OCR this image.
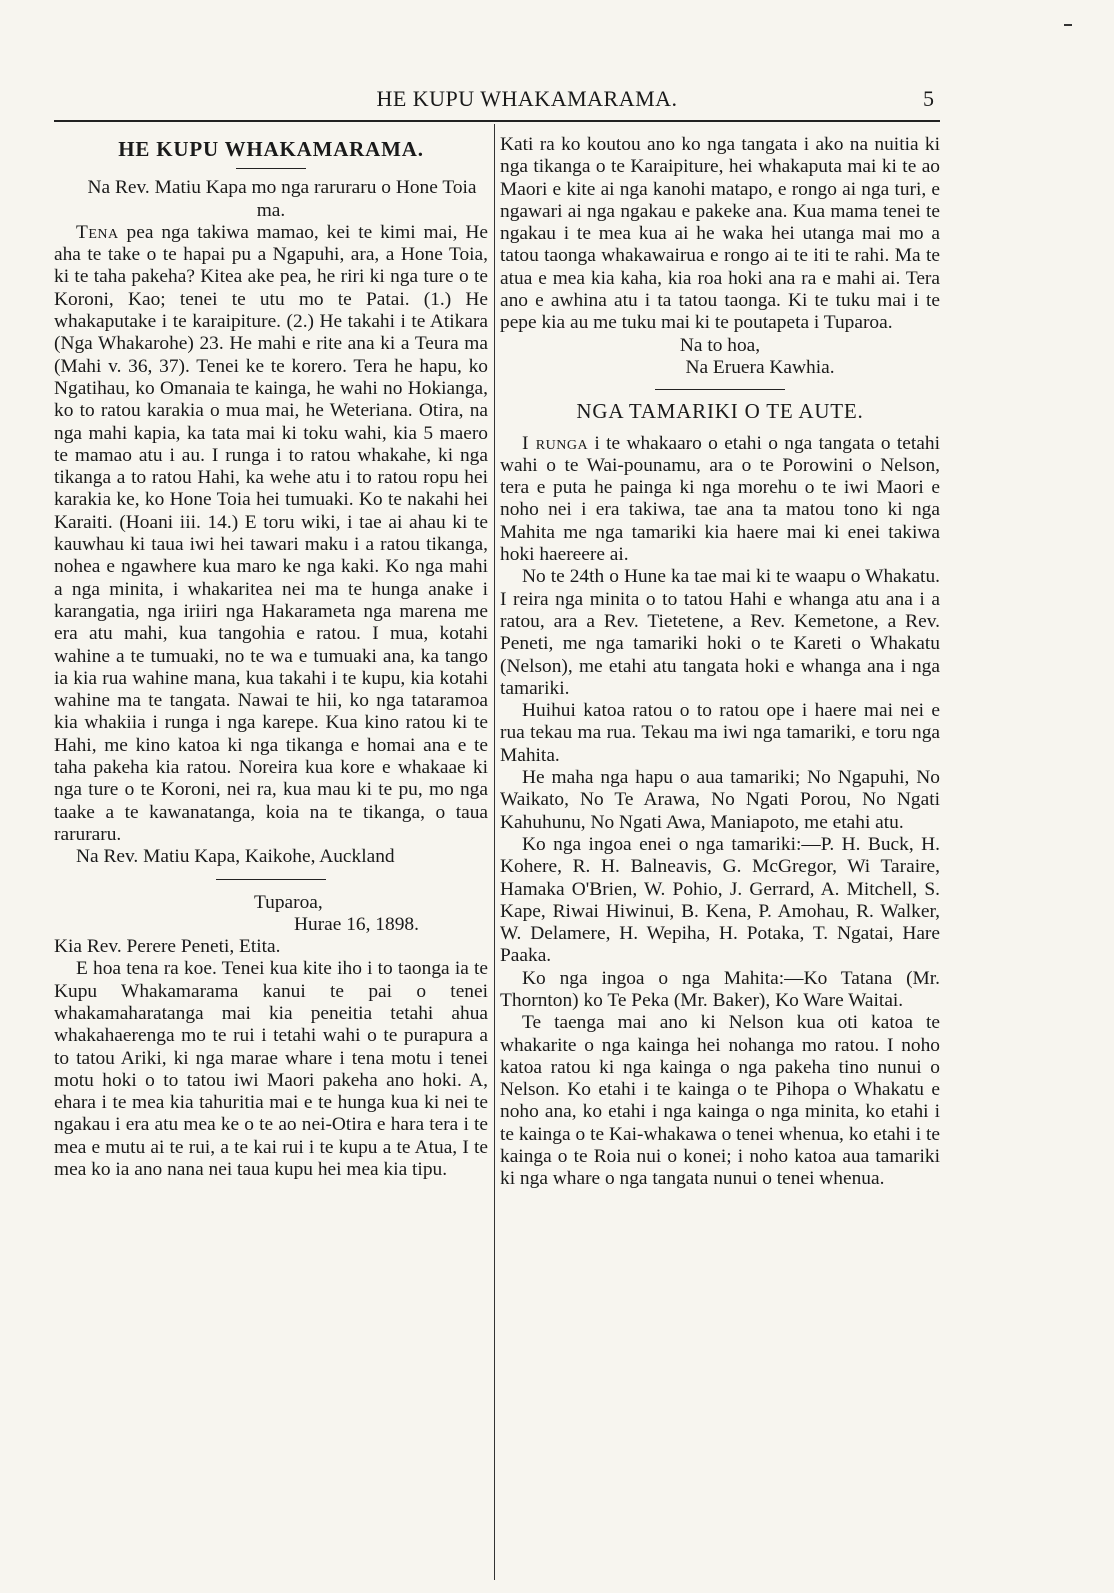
HE KUPU WHAKAMARAMA.	5
HE KUPU WHAKAMARAMA.

Na Rev. Matiu Kapa mo nga raruraru o Hone Toia ma.

Tena pea nga takiwa mamao, kei te kimi mai, He aha te take o te hapai pu a Ngapuhi, ara, a Hone Toia, ki te taha pakeha? Kitea ake pea, he riri ki nga ture o te Koroni, Kao; tenei te utu mo te Patai. (1.) He whakaputake i te karaipiture. (2.) He takahi i te Atikara (Nga Whakarohe) 23. He mahi e rite ana ki a Teura ma (Mahi v. 36, 37). Tenei ke te korero. Tera he hapu, ko Ngatihau, ko Omanaia te kainga, he wahi no Hokianga, ko to ratou karakia o mua mai, he Weteriana. Otira, na nga mahi kapia, ka tata mai ki toku wahi, kia 5 maero te mamao atu i au. I runga i to ratou whakahe, ki nga tikanga a to ratou Hahi, ka wehe atu i to ratou ropu hei karakia ke, ko Hone Toia hei tumuaki. Ko te nakahi hei Karaiti. (Hoani iii. 14.) E toru wiki, i tae ai ahau ki te kauwhau ki taua iwi hei tawari maku i a ratou tikanga, nohea e ngawhere kua maro ke nga kaki. Ko nga mahi a nga minita, i whakaritea nei ma te hunga anake i karangatia, nga iriiri nga Hakarameta nga marena me era atu mahi, kua tangohia e ratou. I mua, kotahi wahine a te tumuaki, no te wa e tumuaki ana, ka tango ia kia rua wahine mana, kua takahi i te kupu, kia kotahi wahine ma te tangata. Nawai te hii, ko nga tataramoa kia whakiia i runga i nga karepe. Kua kino ratou ki te Hahi, me kino katoa ki nga tikanga e homai ana e te taha pakeha kia ratou. Noreira kua kore e whakaae ki nga ture o te Koroni, nei ra, kua mau ki te pu, mo nga taake a te kawanatanga, koia na te tikanga, o taua raruraru.

Na Rev. Matiu Kapa, Kaikohe, Auckland

Tuparoa,

Hurae 16, 1898.

Kia Rev. Perere Peneti, Etita.

E hoa tena ra koe. Tenei kua kite iho i to taonga ia te Kupu Whakamarama kanui te pai o tenei whakamaharatanga mai kia peneitia tetahi ahua whakahaerenga mo te rui i tetahi wahi o te purapura a to tatou Ariki, ki nga marae whare i tena motu i tenei motu hoki o to tatou iwi Maori pakeha ano hoki. A, ehara i te mea kia tahuritia mai e te hunga kua ki nei te ngakau i era atu mea ke o te ao nei-Otira e hara tera i te mea e mutu ai te rui, a te kai rui i te kupu a te Atua, I te mea ko ia ano nana nei taua kupu hei mea kia tipu.

Kati ra ko koutou ano ko nga tangata i ako na nuitia ki nga tikanga o te Karaipiture, hei whakaputa mai ki te ao Maori e kite ai nga kanohi matapo, e rongo ai nga turi, e ngawari ai nga ngakau e pakeke ana. Kua mama tenei te ngakau i te mea kua ai he waka hei utanga mai mo a tatou taonga whakawairua e rongo ai te iti te rahi. Ma te atua e mea kia kaha, kia roa hoki ana ra e mahi ai. Tera ano e awhina atu i ta tatou taonga. Ki te tuku mai i te pepe kia au me tuku mai ki te poutapeta i Tuparoa.

Na to hoa,

Na Eruera Kawhia.

NGA TAMARIKI O TE AUTE.

I runga i te whakaaro o etahi o nga tangata o tetahi wahi o te Wai-pounamu, ara o te Porowini o Nelson, tera e puta he painga ki nga morehu o te iwi Maori e noho nei i era takiwa, tae ana ta matou tono ki nga Mahita me nga tamariki kia haere mai ki enei takiwa hoki haereere ai.

No te 24th o Hune ka tae mai ki te waapu o Whakatu. I reira nga minita o to tatou Hahi e whanga atu ana i a ratou, ara a Rev. Tietetene, a Rev. Kemetone, a Rev. Peneti, me nga tamariki hoki o te Kareti o Whakatu (Nelson), me etahi atu tangata hoki e whanga ana i nga tamariki.

Huihui katoa ratou o to ratou ope i haere mai nei e rua tekau ma rua. Tekau ma iwi nga tamariki, e toru nga Mahita.

He maha nga hapu o aua tamariki; No Ngapuhi, No Waikato, No Te Arawa, No Ngati Porou, No Ngati Kahuhunu, No Ngati Awa, Maniapoto, me etahi atu.

Ko nga ingoa enei o nga tamariki:—P. H. Buck, H. Kohere, R. H. Balneavis, G. McGregor, Wi Taraire, Hamaka O'Brien, W. Pohio, J. Gerrard, A. Mitchell, S. Kape, Riwai Hiwinui, B. Kena, P. Amohau, R. Walker, W. Delamere, H. Wepiha, H. Potaka, T. Ngatai, Hare Paaka.

Ko nga ingoa o nga Mahita:—Ko Tatana (Mr. Thornton) ko Te Peka (Mr. Baker), Ko Ware Waitai.

Te taenga mai ano ki Nelson kua oti katoa te whakarite o nga kainga hei nohanga mo ratou. I noho katoa ratou ki nga kainga o nga pakeha tino nunui o Nelson. Ko etahi i te kainga o te Pihopa o Whakatu e noho ana, ko etahi i nga kainga o nga minita, ko etahi i te kainga o te Kai-whakawa o tenei whenua, ko etahi i te kainga o te Roia nui o konei; i noho katoa aua tamariki ki nga whare o nga tangata nunui o tenei whenua.
